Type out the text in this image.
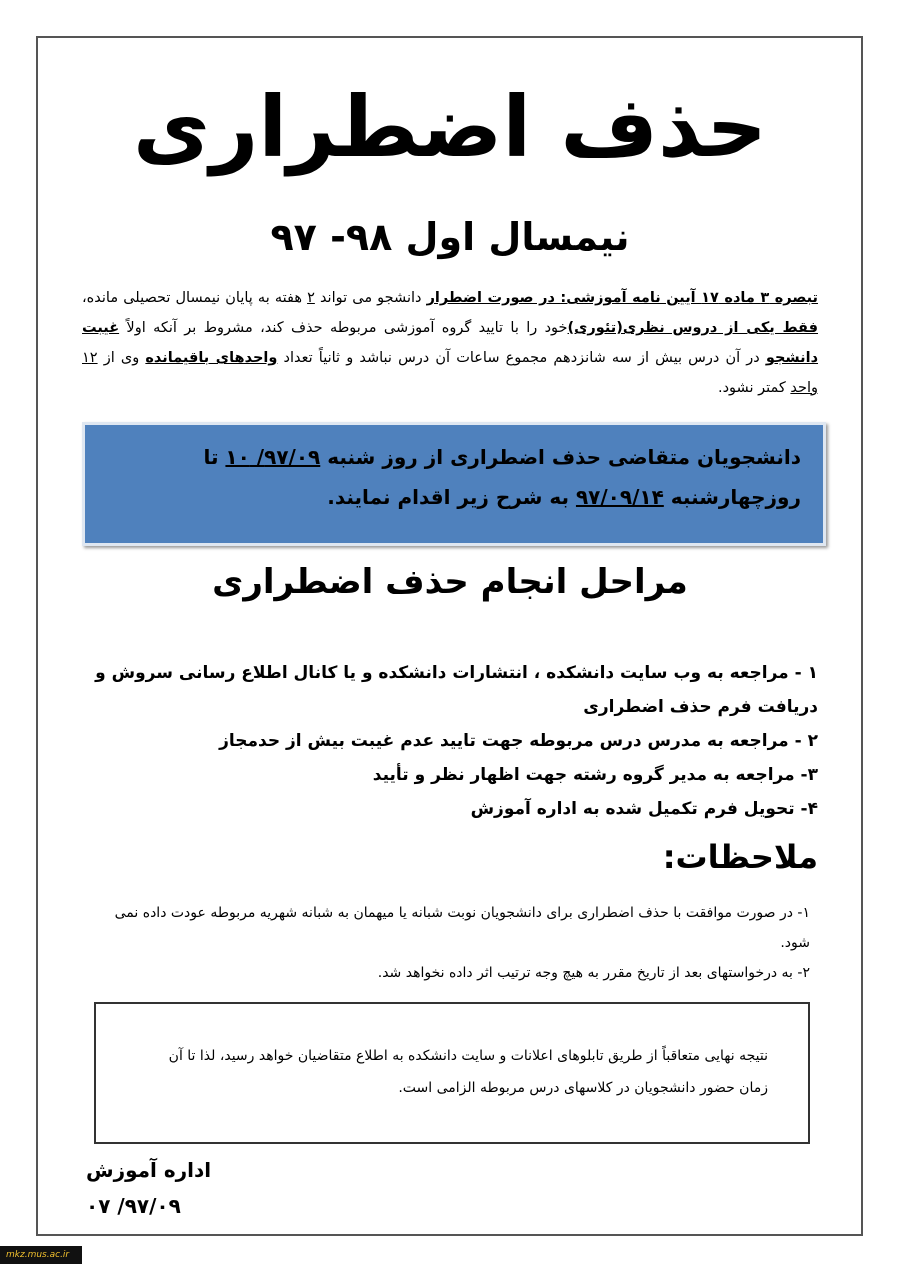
حذف اضطراری
نیمسال اول ۹۸- ۹۷
تبصره ۳ ماده ۱۷ آیین نامه آموزشی: در صورت اضطرار دانشجو می تواند ۲ هفته به پایان نیمسال تحصیلی مانده، فقط یکی از دروس نظری(تئوری)خود را با تایید گروه آموزشی مربوطه حذف کند، مشروط بر آنکه اولاً غیبت دانشجو در آن درس بیش از سه شانزدهم مجموع ساعات آن درس نباشد و ثانیاً تعداد واحدهای باقیمانده وی از ۱۲ واحد کمتر نشود.
دانشجویان متقاضی حذف اضطراری از روز شنبه ۹۷/۰۹/ ۱۰ تا روزچهارشنبه ۹۷/۰۹/۱۴ به شرح زیر اقدام نمایند.
مراحل انجام حذف اضطراری
۱ - مراجعه به وب سایت دانشکده ، انتشارات دانشکده و یا کانال اطلاع رسانی سروش و دریافت فرم حذف اضطراری
۲ - مراجعه به مدرس درس مربوطه جهت تایید عدم غیبت بیش از حدمجاز
۳- مراجعه به مدیر گروه رشته جهت اظهار نظر و تأیید
۴- تحویل فرم تکمیل شده به اداره آموزش
ملاحظات:
۱- در صورت موافقت با حذف اضطراری برای دانشجویان نوبت شبانه یا میهمان به شبانه شهریه مربوطه عودت داده نمی شود.
۲- به درخواستهای بعد از تاریخ مقرر به هیچ وجه ترتیب اثر داده نخواهد شد.
نتیجه نهایی متعاقباً از طریق تابلوهای اعلانات و سایت دانشکده به اطلاع متقاضیان خواهد رسید، لذا تا آن زمان حضور دانشجویان در کلاسهای درس مربوطه الزامی است.
اداره آموزش
۹۷/۰۹/ ۰۷
mkz.mus.ac.ir
